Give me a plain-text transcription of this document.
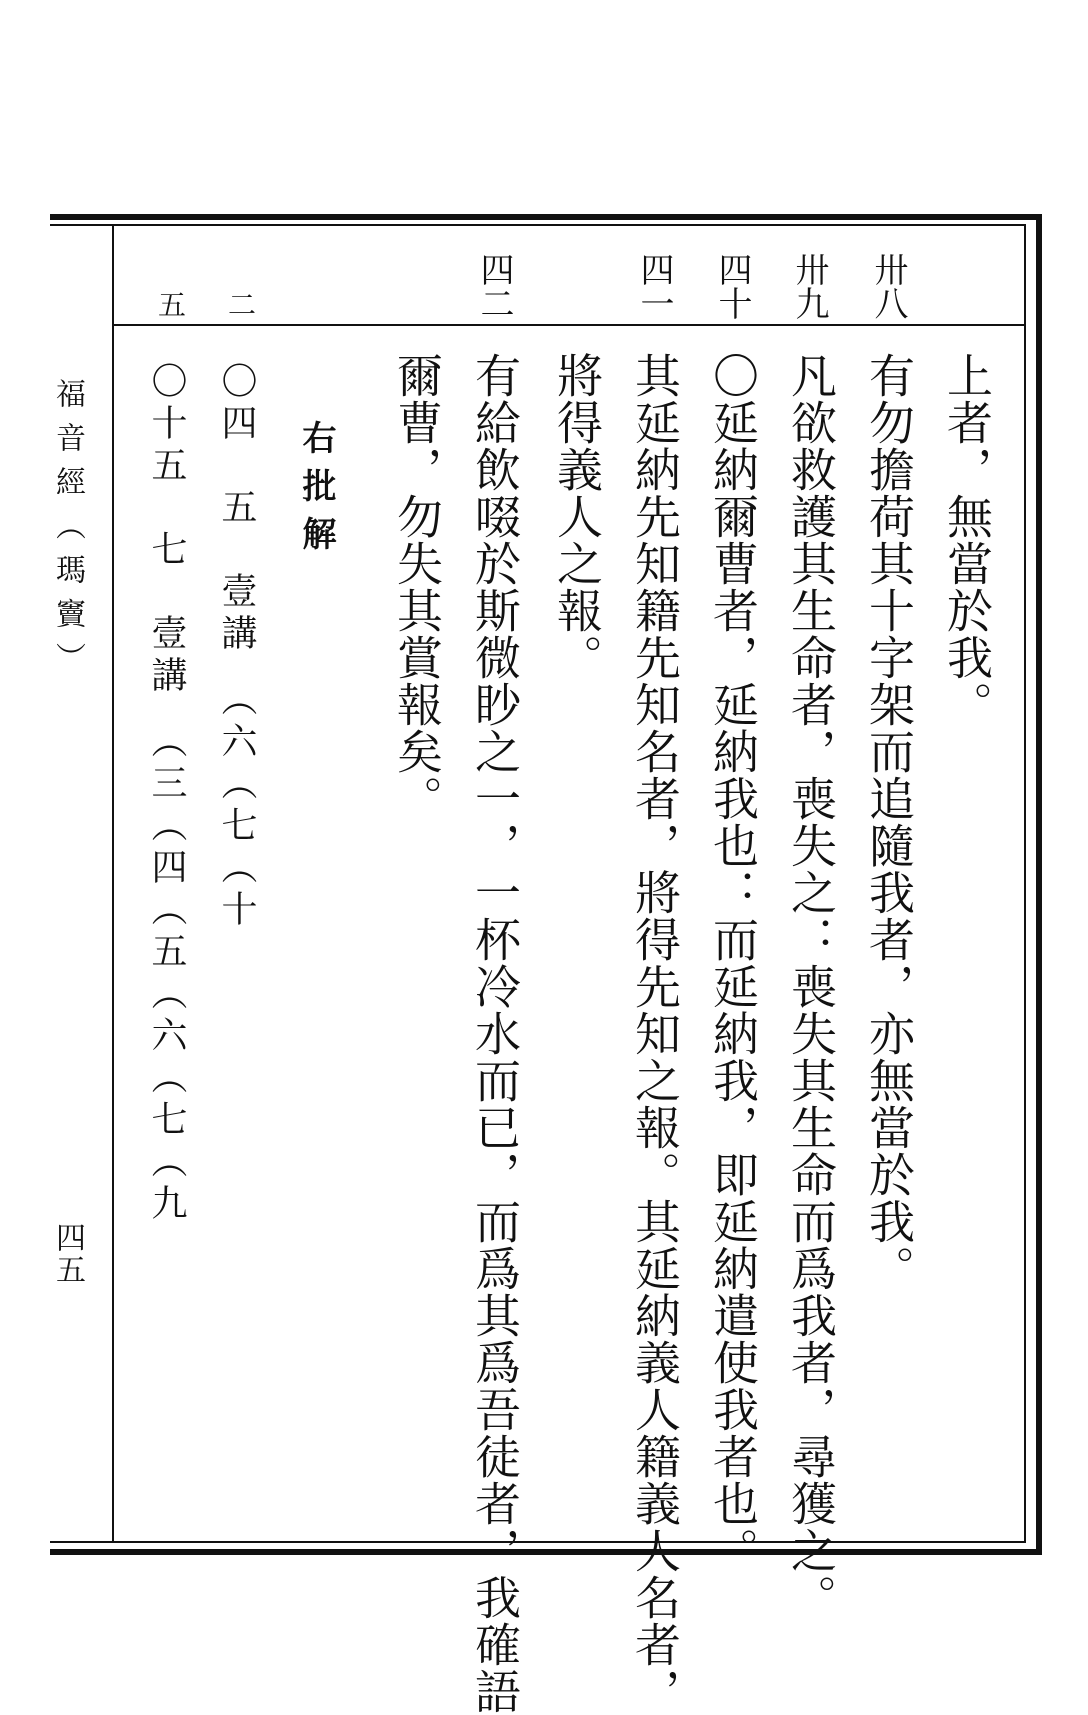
福音經（瑪竇）
四五
卅八
卅九
四十
四一
四二
二
五
上者，無當於我。
有勿擔荷其十字架而追隨我者，亦無當於我。
凡欲救護其生命者，喪失之：喪失其生命而爲我者，尋獲之。
〇延納爾曹者，延納我也：而延納我，即延納遣使我者也。
其延納先知籍先知名者，將得先知之報。其延納義人籍義人名者，
將得義人之報。
有給飲啜於斯微眇之一，一杯冷水而已，而爲其爲吾徒者，我確語
爾曹，勿失其賞報矣。
右批解
〇四　五　壹講　（六（七（十
〇十五　七　壹講　（三（四（五（六（七（九
